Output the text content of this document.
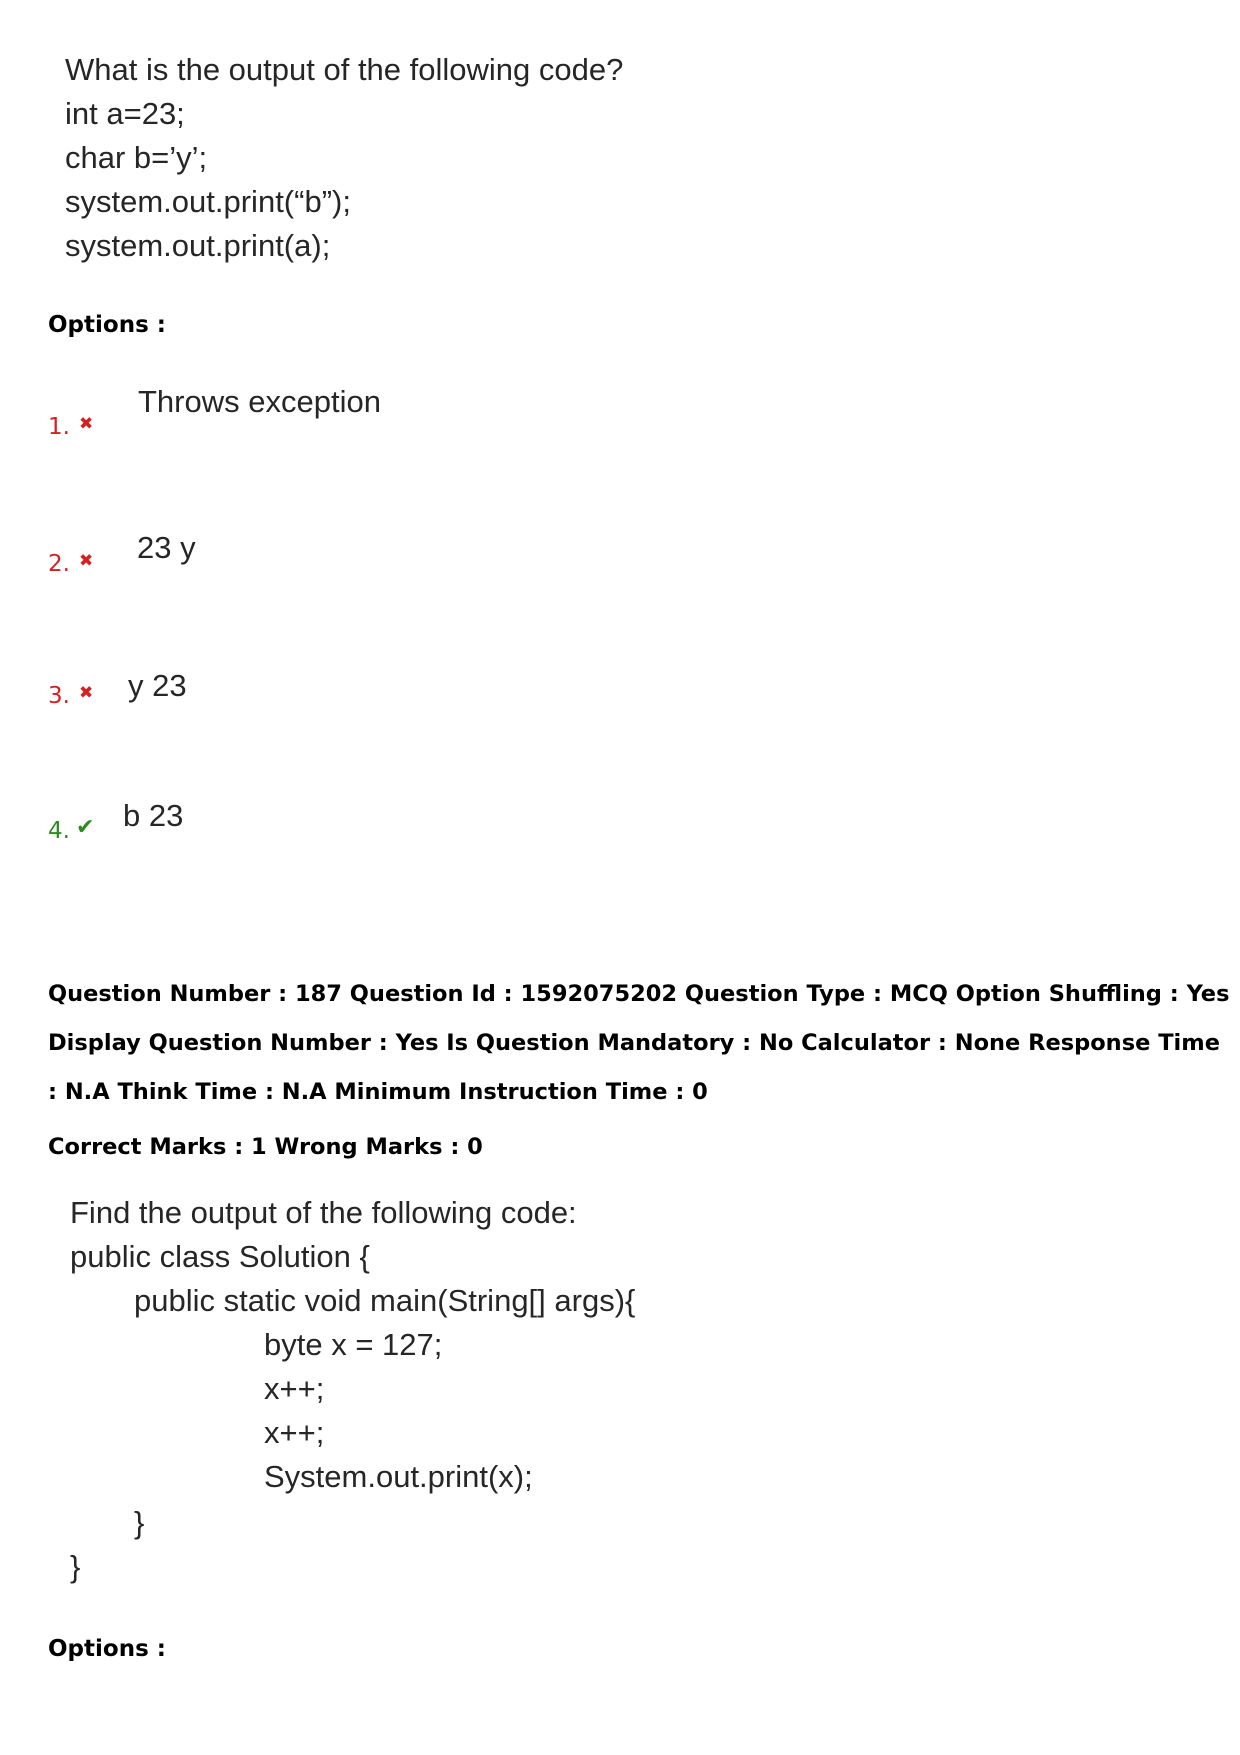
What is the output of the following code?
int a=23;
char b=’y’;
system.out.print(“b”);
system.out.print(a);
Options :
1. ✖
Throws exception
2. ✖ 23 y
3. ✖ y 23
4. ✔ b 23
Question Number : 187 Question Id : 1592075202 Question Type : MCQ Option Shuffling : Yes
Display Question Number : Yes Is Question Mandatory : No Calculator : None Response Time
: N.A Think Time : N.A Minimum Instruction Time : 0
Correct Marks : 1 Wrong Marks : 0
Find the output of the following code:
public class Solution {
public static void main(String[] args){
byte x = 127;
x++;
x++;
System.out.print(x);
}
}
Options :
